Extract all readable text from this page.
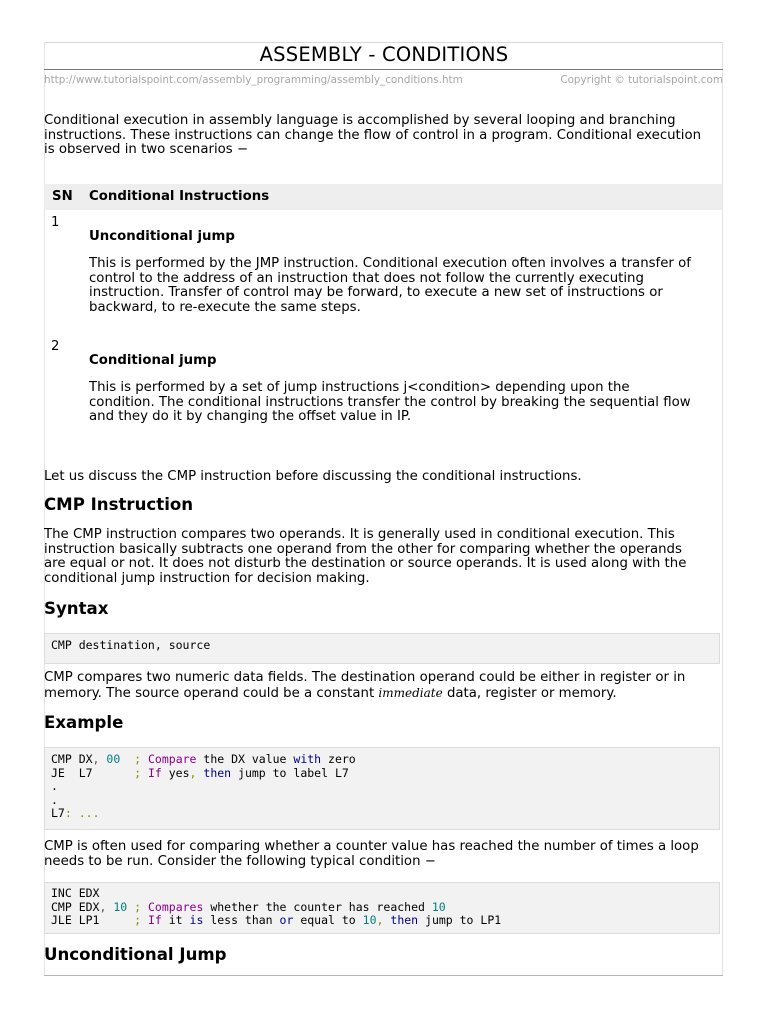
ASSEMBLY - CONDITIONS
http://www.tutorialspoint.com/assembly_programming/assembly_conditions.htm	Copyright © tutorialspoint.com
Conditional execution in assembly language is accomplished by several looping and branching
instructions. These instructions can change the flow of control in a program. Conditional execution
is observed in two scenarios −
SN Conditional Instructions
1
Unconditional jump
This is performed by the JMP instruction. Conditional execution often involves a transfer of
control to the address of an instruction that does not follow the currently executing
instruction. Transfer of control may be forward, to execute a new set of instructions or
backward, to re-execute the same steps.
2
Conditional jump
This is performed by a set of jump instructions j<condition> depending upon the
condition. The conditional instructions transfer the control by breaking the sequential flow
and they do it by changing the offset value in IP.
Let us discuss the CMP instruction before discussing the conditional instructions.
CMP Instruction
The CMP instruction compares two operands. It is generally used in conditional execution. This
instruction basically subtracts one operand from the other for comparing whether the operands
are equal or not. It does not disturb the destination or source operands. It is used along with the
conditional jump instruction for decision making.
Syntax
CMP destination, source
CMP compares two numeric data fields. The destination operand could be either in register or in
memory. The source operand could be a constant immediate data, register or memory.
Example
CMP DX, 00 ; Compare the DX value with zero
JE  L7	; If yes, then jump to label L7
.
.
L7: ...
CMP is often used for comparing whether a counter value has reached the number of times a loop
needs to be run. Consider the following typical condition −
INC EDX
CMP EDX, 10 ; Compares whether the counter has reached 10
JLE LP1	; If it is less than or equal to 10, then jump to LP1
Unconditional Jump
